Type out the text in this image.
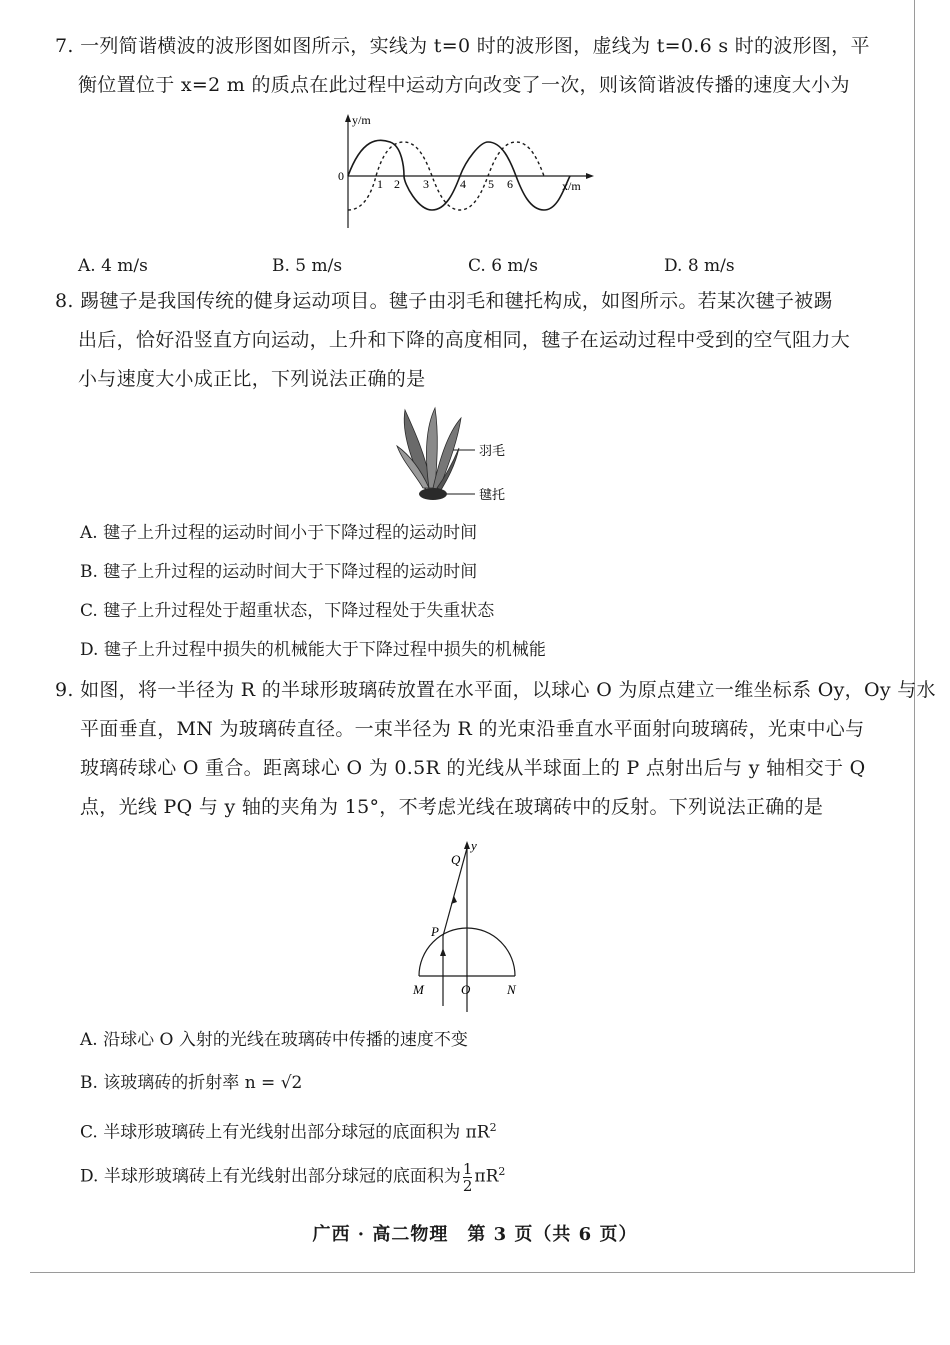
7. 一列简谐横波的波形图如图所示，实线为 t=0 时的波形图，虚线为 t=0.6 s 时的波形图，平
衡位置位于 x=2 m 的质点在此过程中运动方向改变了一次，则该简谐波传播的速度大小为
y/m
0
x/m
1 2 3	4 5 6
A. 4 m/s	B. 5 m/s	C. 6 m/s	D. 8 m/s
8. 踢毽子是我国传统的健身运动项目。毽子由羽毛和毽托构成，如图所示。若某次毽子被踢
出后，恰好沿竖直方向运动，上升和下降的高度相同，毽子在运动过程中受到的空气阻力大
小与速度大小成正比，下列说法正确的是
羽毛
毽托
A. 毽子上升过程的运动时间小于下降过程的运动时间
B. 毽子上升过程的运动时间大于下降过程的运动时间
C. 毽子上升过程处于超重状态，下降过程处于失重状态
D. 毽子上升过程中损失的机械能大于下降过程中损失的机械能
9. 如图，将一半径为 R 的半球形玻璃砖放置在水平面，以球心 O 为原点建立一维坐标系 Oy，Oy 与水
平面垂直，MN 为玻璃砖直径。一束半径为 R 的光束沿垂直水平面射向玻璃砖，光束中心与
玻璃砖球心 O 重合。距离球心 O 为 0.5R 的光线从半球面上的 P 点射出后与 y 轴相交于 Q
点，光线 PQ 与 y 轴的夹角为 15°，不考虑光线在玻璃砖中的反射。下列说法正确的是
Q
y
P
M	O	N
A. 沿球心 O 入射的光线在玻璃砖中传播的速度不变
B. 该玻璃砖的折射率 n = √2
C. 半球形玻璃砖上有光线射出部分球冠的底面积为 $\pi R^2$
D. 半球形玻璃砖上有光线射出部分球冠的底面积为 $\frac{1}{2} \pi R^2$
广西 · 高二物理　第 3 页（共 6 页）
